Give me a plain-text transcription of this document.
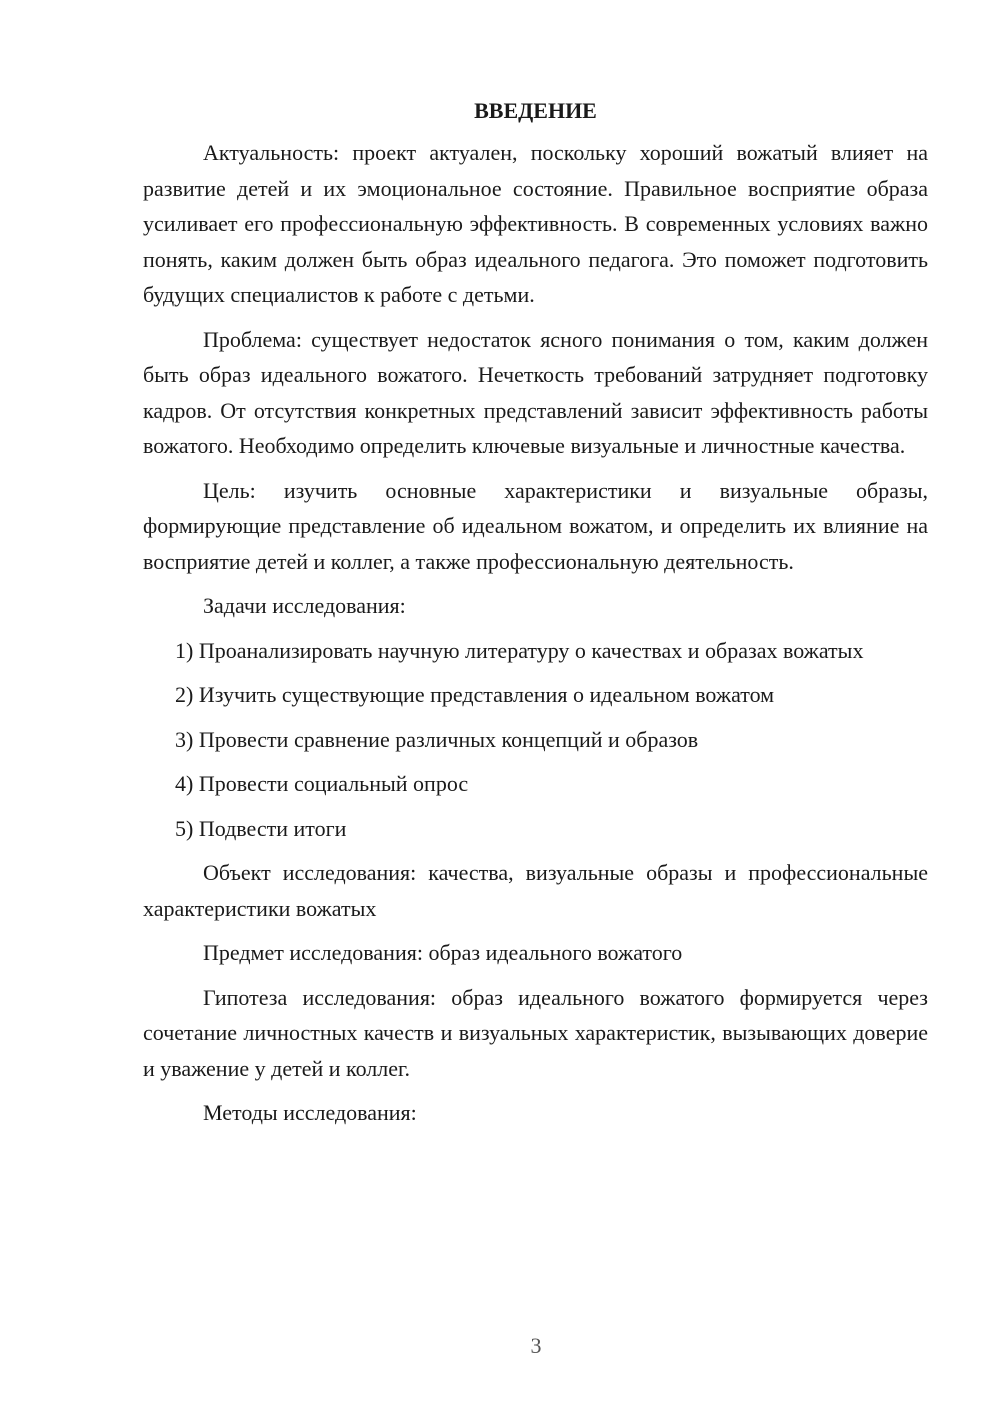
ВВЕДЕНИЕ

Актуальность: проект актуален, поскольку хороший вожатый влияет на развитие детей и их эмоциональное состояние. Правильное восприятие образа усиливает его профессиональную эффективность. В современных условиях важно понять, каким должен быть образ идеального педагога. Это поможет подготовить будущих специалистов к работе с детьми.

Проблема: существует недостаток ясного понимания о том, каким должен быть образ идеального вожатого. Нечеткость требований затрудняет подготовку кадров. От отсутствия конкретных представлений зависит эффективность работы вожатого. Необходимо определить ключевые визуальные и личностные качества.

Цель: изучить основные характеристики и визуальные образы, формирующие представление об идеальном вожатом, и определить их влияние на восприятие детей и коллег, а также профессиональную деятельность.

Задачи исследования:

1) Проанализировать научную литературу о качествах и образах вожатых

2) Изучить существующие представления о идеальном вожатом

3) Провести сравнение различных концепций и образов

4) Провести социальный опрос

5) Подвести итоги

Объект исследования: качества, визуальные образы и профессиональные характеристики вожатых

Предмет исследования: образ идеального вожатого

Гипотеза исследования: образ идеального вожатого формируется через сочетание личностных качеств и визуальных характеристик, вызывающих доверие и уважение у детей и коллег.

Методы исследования:

3
